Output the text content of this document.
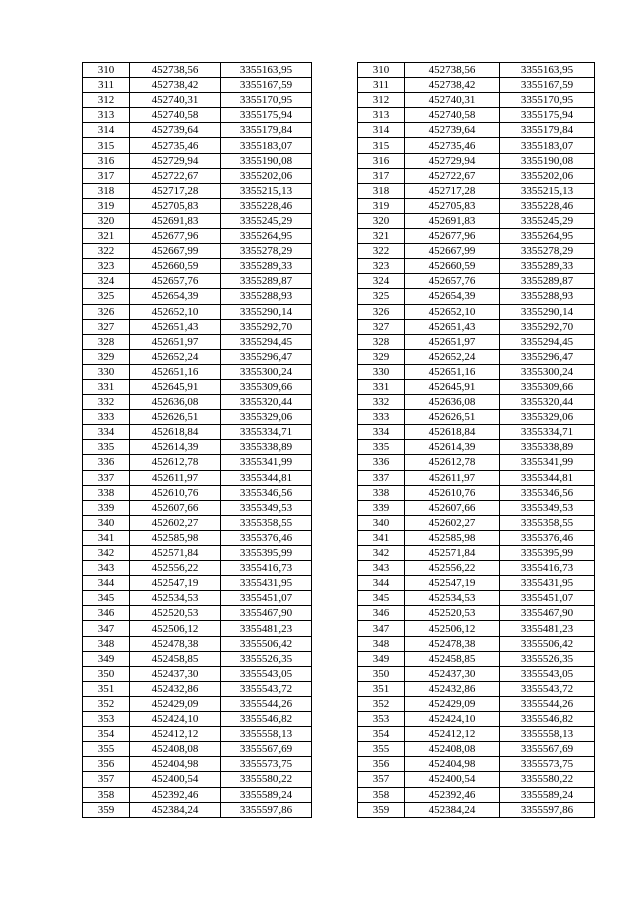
310	452738,56	3355163,95		310	452738,56	3355163,95
311	452738,42	3355167,59		311	452738,42	3355167,59
312	452740,31	3355170,95		312	452740,31	3355170,95
313	452740,58	3355175,94		313	452740,58	3355175,94
314	452739,64	3355179,84		314	452739,64	3355179,84
315	452735,46	3355183,07		315	452735,46	3355183,07
316	452729,94	3355190,08		316	452729,94	3355190,08
317	452722,67	3355202,06		317	452722,67	3355202,06
318	452717,28	3355215,13		318	452717,28	3355215,13
319	452705,83	3355228,46		319	452705,83	3355228,46
320	452691,83	3355245,29		320	452691,83	3355245,29
321	452677,96	3355264,95		321	452677,96	3355264,95
322	452667,99	3355278,29		322	452667,99	3355278,29
323	452660,59	3355289,33		323	452660,59	3355289,33
324	452657,76	3355289,87		324	452657,76	3355289,87
325	452654,39	3355288,93		325	452654,39	3355288,93
326	452652,10	3355290,14		326	452652,10	3355290,14
327	452651,43	3355292,70		327	452651,43	3355292,70
328	452651,97	3355294,45		328	452651,97	3355294,45
329	452652,24	3355296,47		329	452652,24	3355296,47
330	452651,16	3355300,24		330	452651,16	3355300,24
331	452645,91	3355309,66		331	452645,91	3355309,66
332	452636,08	3355320,44		332	452636,08	3355320,44
333	452626,51	3355329,06		333	452626,51	3355329,06
334	452618,84	3355334,71		334	452618,84	3355334,71
335	452614,39	3355338,89		335	452614,39	3355338,89
336	452612,78	3355341,99		336	452612,78	3355341,99
337	452611,97	3355344,81		337	452611,97	3355344,81
338	452610,76	3355346,56		338	452610,76	3355346,56
339	452607,66	3355349,53		339	452607,66	3355349,53
340	452602,27	3355358,55		340	452602,27	3355358,55
341	452585,98	3355376,46		341	452585,98	3355376,46
342	452571,84	3355395,99		342	452571,84	3355395,99
343	452556,22	3355416,73		343	452556,22	3355416,73
344	452547,19	3355431,95		344	452547,19	3355431,95
345	452534,53	3355451,07		345	452534,53	3355451,07
346	452520,53	3355467,90		346	452520,53	3355467,90
347	452506,12	3355481,23		347	452506,12	3355481,23
348	452478,38	3355506,42		348	452478,38	3355506,42
349	452458,85	3355526,35		349	452458,85	3355526,35
350	452437,30	3355543,05		350	452437,30	3355543,05
351	452432,86	3355543,72		351	452432,86	3355543,72
352	452429,09	3355544,26		352	452429,09	3355544,26
353	452424,10	3355546,82		353	452424,10	3355546,82
354	452412,12	3355558,13		354	452412,12	3355558,13
355	452408,08	3355567,69		355	452408,08	3355567,69
356	452404,98	3355573,75		356	452404,98	3355573,75
357	452400,54	3355580,22		357	452400,54	3355580,22
358	452392,46	3355589,24		358	452392,46	3355589,24
359	452384,24	3355597,86		359	452384,24	3355597,86
